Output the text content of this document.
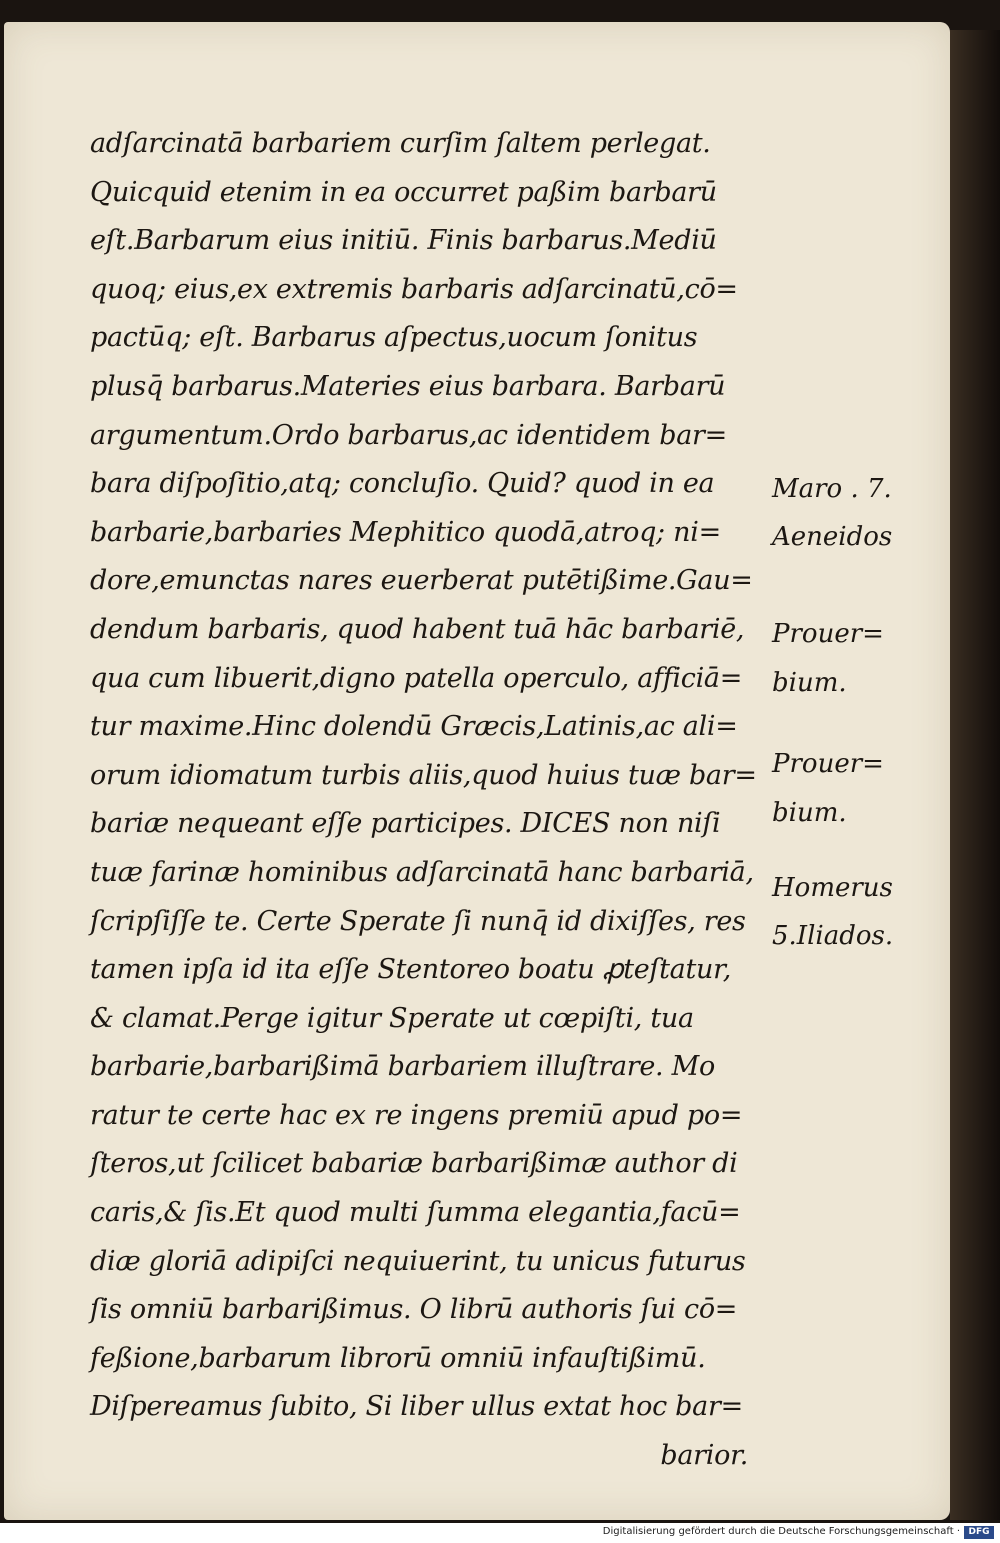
adſarcinatā barbariem curſim ſaltem perlegat.
Quicquid etenim in ea occurret paßim barbarū
eſt.Barbarum eius initiū. Finis barbarus.Mediū
quoq; eius,ex extremis barbaris adſarcinatū,cō=
pactūq; eſt. Barbarus aſpectus,uocum ſonitus
plusq̄ barbarus.Materies eius barbara. Barbarū
argumentum.Ordo barbarus,ac identidem bar=
bara diſpoſitio,atq; concluſio. Quid? quod in ea
barbarie,barbaries Mephitico quodā,atroq; ni=
dore,emunctas nares euerberat putētißime.Gau=
dendum barbaris, quod habent tuā hāc barbariē,
qua cum libuerit,digno patella operculo, afficiā=
tur maxime.Hinc dolendū Græcis,Latinis,ac ali=
orum idiomatum turbis aliis,quod huius tuæ bar=
bariæ nequeant eſſe participes. DICES non niſi
tuæ farinæ hominibus adſarcinatā hanc barbariā,
ſcripſiſſe te. Certe Sperate ſi nunq̄ id dixiſſes, res
tamen ipſa id ita eſſe Stentoreo boatu ꝓteſtatur,
& clamat.Perge igitur Sperate ut cœpiſti, tua
barbarie,barbarißimā barbariem illuſtrare. Mo
ratur te certe hac ex re ingens premiū apud po=
ſteros,ut ſcilicet babariæ barbarißimæ author di
caris,& ſis.Et quod multi ſumma elegantia,facū=
diæ gloriā adipiſci nequiuerint, tu unicus futurus
ſis omniū barbarißimus. O librū authoris ſui cō=
feßione,barbarum librorū omniū infauſtißimū.
Diſpereamus ſubito, Si liber ullus extat hoc bar=
barior.
Maro . 7.
Aeneidos
Prouer=
bium.
Prouer=
bium.
Homerus
5.Iliados.
Digitalisierung gefördert durch die Deutsche Forschungsgemeinschaft · DFG
